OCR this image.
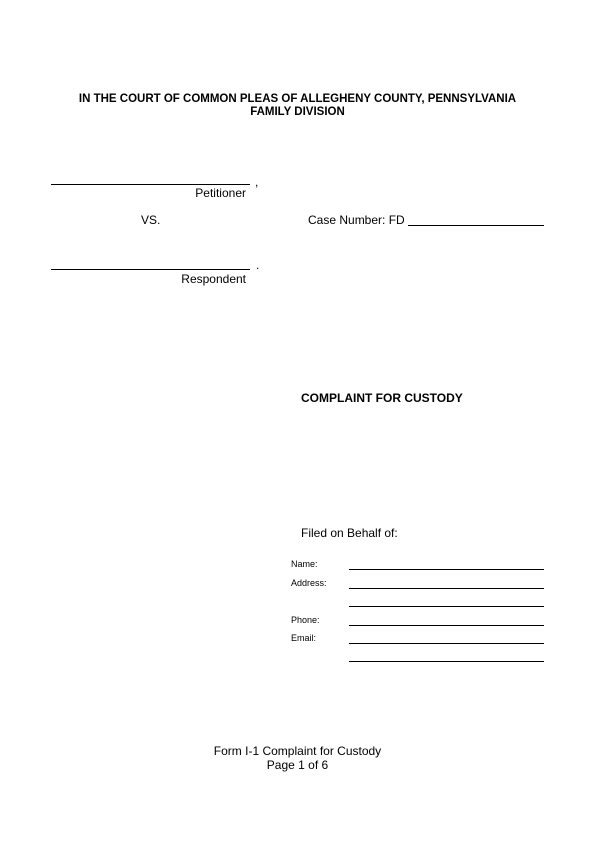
IN THE COURT OF COMMON PLEAS OF ALLEGHENY COUNTY, PENNSYLVANIA
FAMILY DIVISION
,
Petitioner
VS.	Case Number: FD
.
Respondent
COMPLAINT FOR CUSTODY
Filed on Behalf of:
Name:
Address:
Phone:
Email:
Form I-1 Complaint for Custody
Page 1 of 6
